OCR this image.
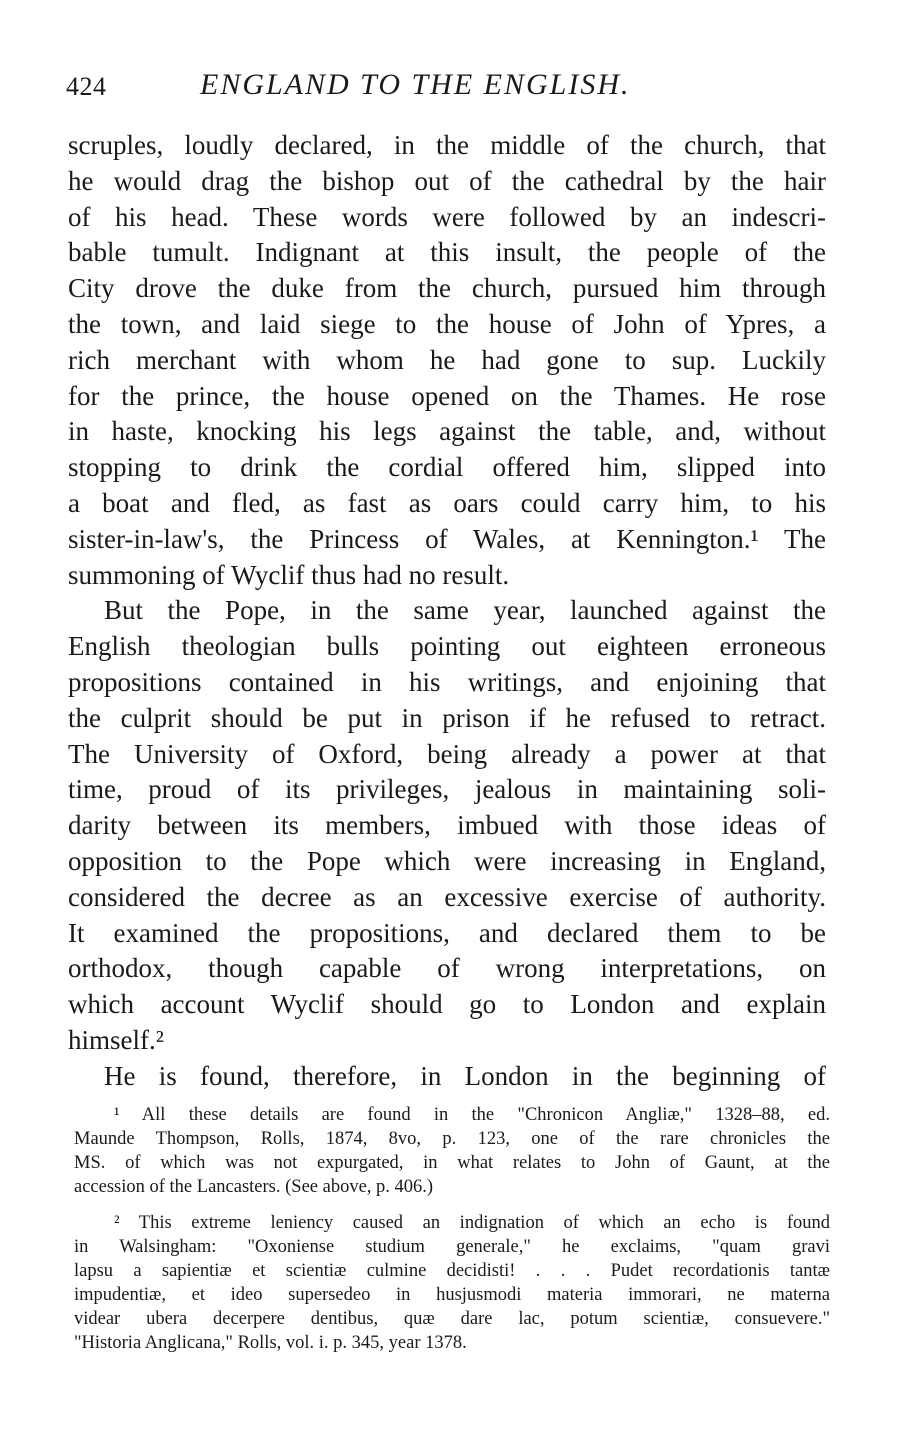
424	ENGLAND TO THE ENGLISH.
scruples, loudly declared, in the middle of the church, that
he would drag the bishop out of the cathedral by the hair
of his head. These words were followed by an indescri-
bable tumult. Indignant at this insult, the people of the
City drove the duke from the church, pursued him through
the town, and laid siege to the house of John of Ypres, a
rich merchant with whom he had gone to sup. Luckily
for the prince, the house opened on the Thames. He rose
in haste, knocking his legs against the table, and, without
stopping to drink the cordial offered him, slipped into
a boat and fled, as fast as oars could carry him, to his
sister-in-law's, the Princess of Wales, at Kennington.¹ The
summoning of Wyclif thus had no result.
But the Pope, in the same year, launched against the
English theologian bulls pointing out eighteen erroneous
propositions contained in his writings, and enjoining that
the culprit should be put in prison if he refused to retract.
The University of Oxford, being already a power at that
time, proud of its privileges, jealous in maintaining soli-
darity between its members, imbued with those ideas of
opposition to the Pope which were increasing in England,
considered the decree as an excessive exercise of authority.
It examined the propositions, and declared them to be
orthodox, though capable of wrong interpretations, on
which account Wyclif should go to London and explain
himself.²
He is found, therefore, in London in the beginning of
¹ All these details are found in the "Chronicon Angliæ," 1328–88, ed.
Maunde Thompson, Rolls, 1874, 8vo, p. 123, one of the rare chronicles the
MS. of which was not expurgated, in what relates to John of Gaunt, at the
accession of the Lancasters. (See above, p. 406.)
² This extreme leniency caused an indignation of which an echo is found
in Walsingham: "Oxoniense studium generale," he exclaims, "quam gravi
lapsu a sapientiæ et scientiæ culmine decidisti! . . . Pudet recordationis tantæ
impudentiæ, et ideo supersedeo in husjusmodi materia immorari, ne materna
videar ubera decerpere dentibus, quæ dare lac, potum scientiæ, consuevere."
"Historia Anglicana," Rolls, vol. i. p. 345, year 1378.
